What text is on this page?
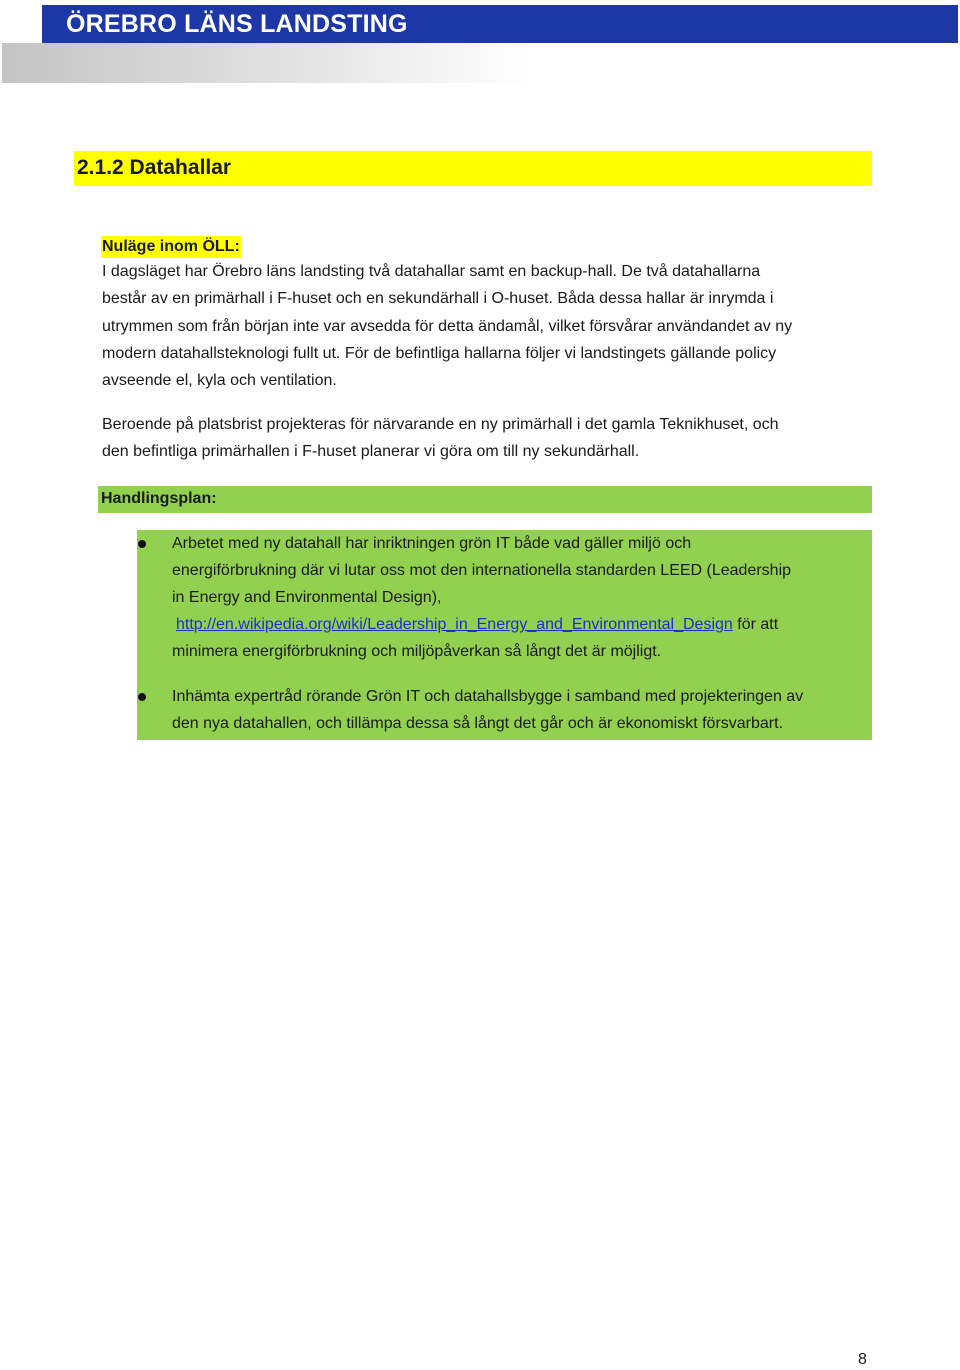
ÖREBRO LÄNS LANDSTING
2.1.2 Datahallar
Nuläge inom ÖLL:
I dagsläget har Örebro läns landsting två datahallar samt en backup-hall. De två datahallarna
består av en primärhall i F-huset och en sekundärhall i O-huset. Båda dessa hallar är inrymda i
utrymmen som från början inte var avsedda för detta ändamål, vilket försvårar användandet av ny
modern datahallsteknologi fullt ut. För de befintliga hallarna följer vi landstingets gällande policy
avseende el, kyla och ventilation.
Beroende på platsbrist projekteras för närvarande en ny primärhall i det gamla Teknikhuset, och
den befintliga primärhallen i F-huset planerar vi göra om till ny sekundärhall.
Handlingsplan:
Arbetet med ny datahall har inriktningen grön IT både vad gäller miljö och
energiförbrukning där vi lutar oss mot den internationella standarden LEED (Leadership
in Energy and Environmental Design),
http://en.wikipedia.org/wiki/Leadership_in_Energy_and_Environmental_Design för att
minimera energiförbrukning och miljöpåverkan så långt det är möjligt.
Inhämta expertråd rörande Grön IT och datahallsbygge i samband med projekteringen av
den nya datahallen, och tillämpa dessa så långt det går och är ekonomiskt försvarbart.
8
